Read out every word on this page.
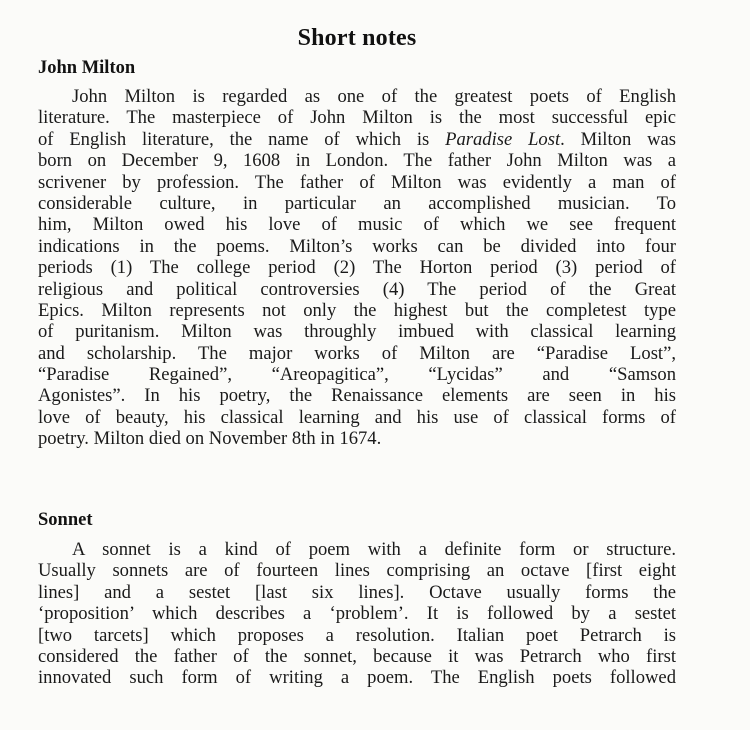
Short notes
John Milton
John Milton is regarded as one of the greatest poets of English
literature. The masterpiece of John Milton is the most successful epic
of English literature, the name of which is Paradise Lost. Milton was
born on December 9, 1608 in London. The father John Milton was a
scrivener by profession. The father of Milton was evidently a man of
considerable culture, in particular an accomplished musician. To
him, Milton owed his love of music of which we see frequent
indications in the poems. Milton’s works can be divided into four
periods (1) The college period (2) The Horton period (3) period of
religious and political controversies (4) The period of the Great
Epics. Milton represents not only the highest but the completest type
of puritanism. Milton was throughly imbued with classical learning
and scholarship. The major works of Milton are “Paradise Lost”,
“Paradise Regained”, “Areopagitica”, “Lycidas” and “Samson
Agonistes”. In his poetry, the Renaissance elements are seen in his
love of beauty, his classical learning and his use of classical forms of
poetry. Milton died on November 8th in 1674.
Sonnet
A sonnet is a kind of poem with a definite form or structure.
Usually sonnets are of fourteen lines comprising an octave [first eight
lines] and a sestet [last six lines]. Octave usually forms the
‘proposition’ which describes a ‘problem’. It is followed by a sestet
[two tarcets] which proposes a resolution. Italian poet Petrarch is
considered the father of the sonnet, because it was Petrarch who first
innovated such form of writing a poem. The English poets followed
